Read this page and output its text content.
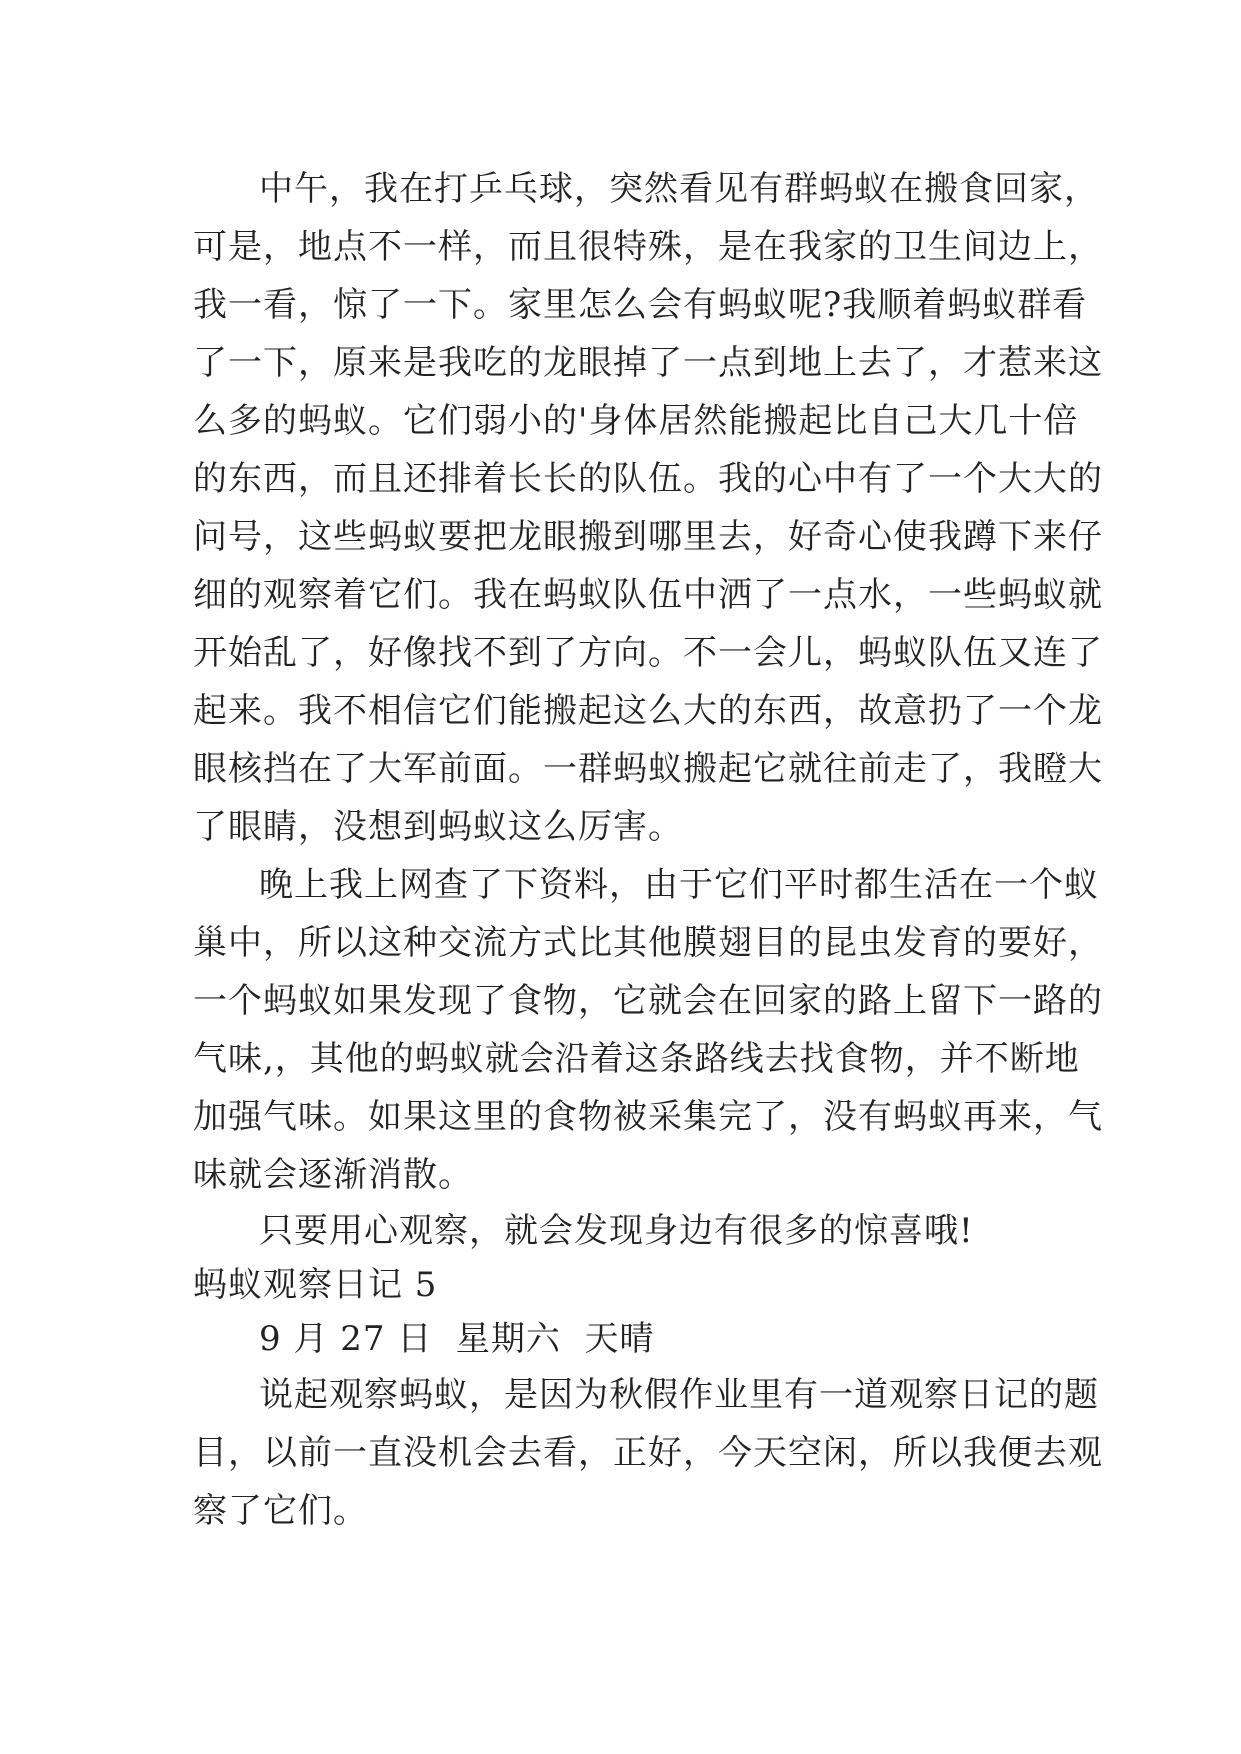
中午，我在打乒乓球，突然看见有群蚂蚁在搬食回家，
可是，地点不一样，而且很特殊，是在我家的卫生间边上，
我一看，惊了一下。家里怎么会有蚂蚁呢?我顺着蚂蚁群看
了一下，原来是我吃的龙眼掉了一点到地上去了，才惹来这
么多的蚂蚁。它们弱小的'身体居然能搬起比自己大几十倍
的东西，而且还排着长长的队伍。我的心中有了一个大大的
问号，这些蚂蚁要把龙眼搬到哪里去，好奇心使我蹲下来仔
细的观察着它们。我在蚂蚁队伍中洒了一点水，一些蚂蚁就
开始乱了，好像找不到了方向。不一会儿，蚂蚁队伍又连了
起来。我不相信它们能搬起这么大的东西，故意扔了一个龙
眼核挡在了大军前面。一群蚂蚁搬起它就往前走了，我瞪大
了眼睛，没想到蚂蚁这么厉害。
晚上我上网查了下资料，由于它们平时都生活在一个蚁
巢中，所以这种交流方式比其他膜翅目的昆虫发育的要好，
一个蚂蚁如果发现了食物，它就会在回家的路上留下一路的
气味,，其他的蚂蚁就会沿着这条路线去找食物，并不断地
加强气味。如果这里的食物被采集完了，没有蚂蚁再来，气
味就会逐渐消散。
只要用心观察，就会发现身边有很多的惊喜哦!
蚂蚁观察日记 5
9 月 27 日  星期六  天晴
说起观察蚂蚁，是因为秋假作业里有一道观察日记的题
目，以前一直没机会去看，正好，今天空闲，所以我便去观
察了它们。
